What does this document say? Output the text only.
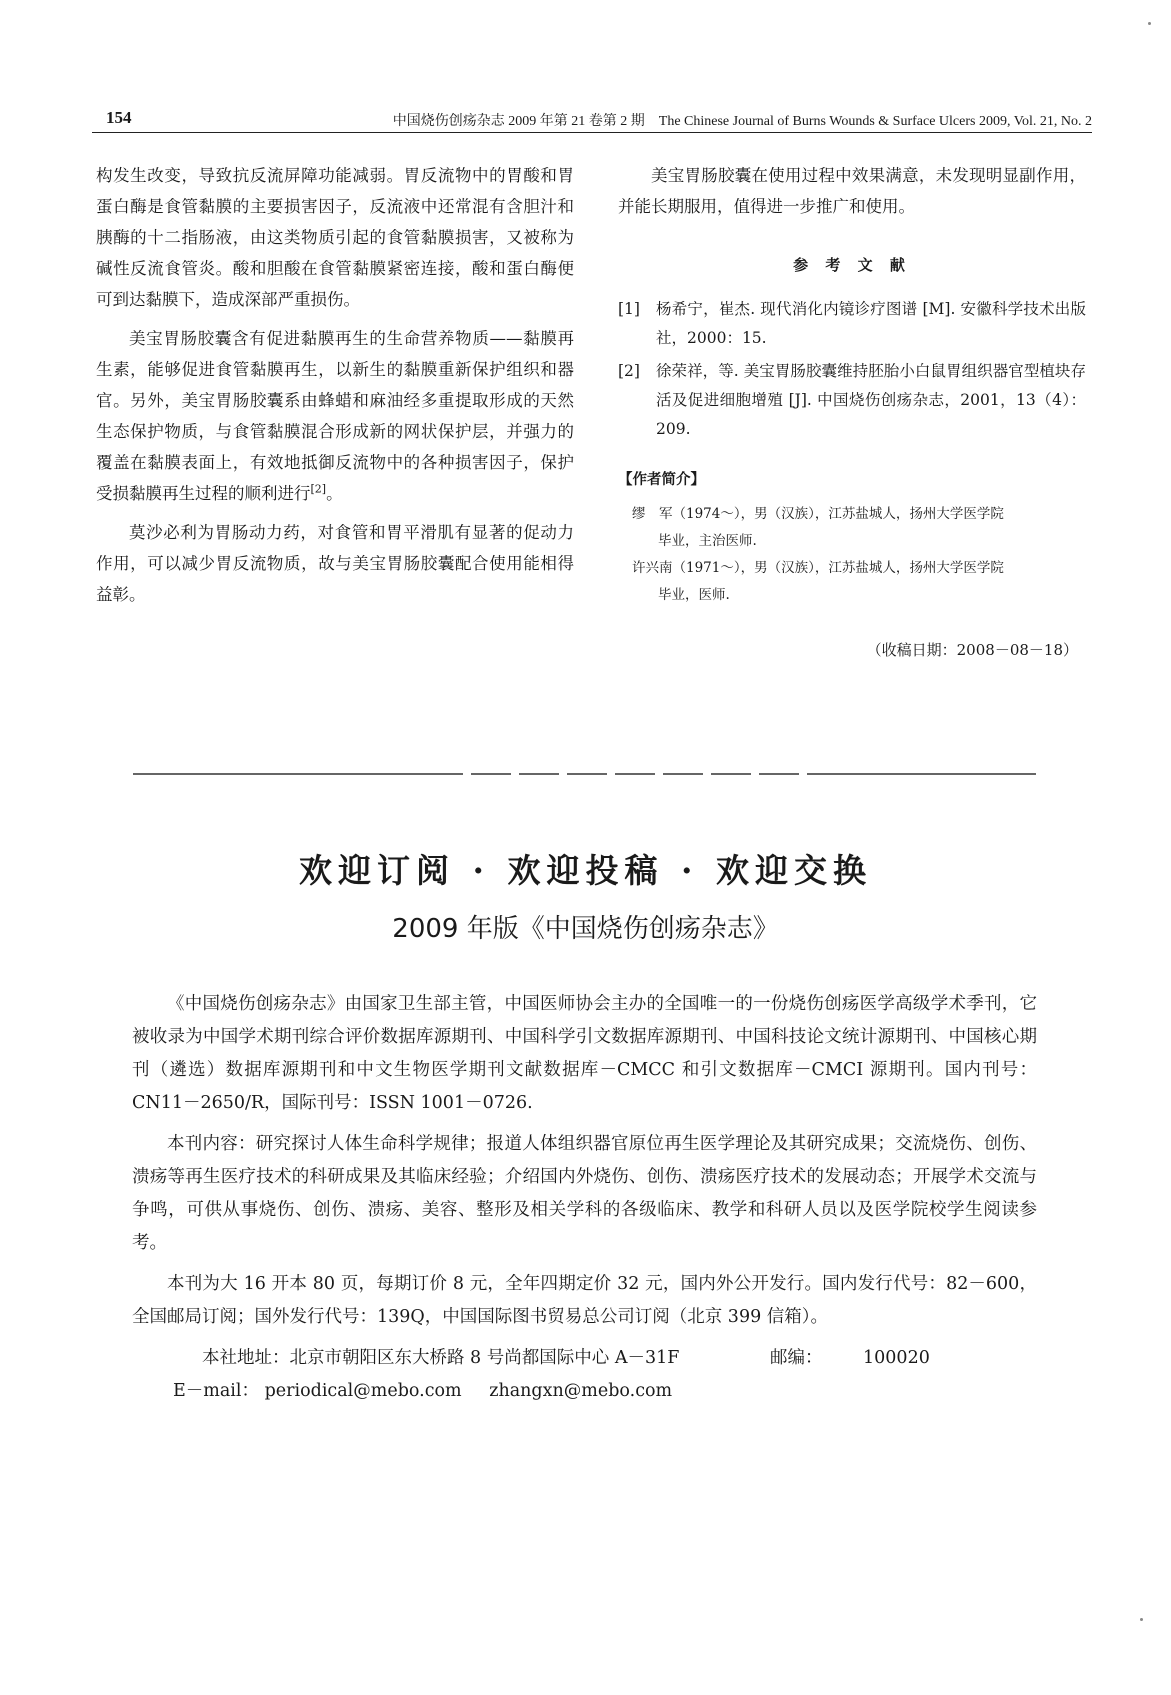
154	中国烧伤创疡杂志 2009 年第 21 卷第 2 期　The Chinese Journal of Burns Wounds & Surface Ulcers 2009, Vol. 21, No. 2

构发生改变，导致抗反流屏障功能减弱。胃反流物中的胃酸和胃蛋白酶是食管黏膜的主要损害因子，反流液中还常混有含胆汁和胰酶的十二指肠液，由这类物质引起的食管黏膜损害，又被称为碱性反流食管炎。酸和胆酸在食管黏膜紧密连接，酸和蛋白酶便可到达黏膜下，造成深部严重损伤。

美宝胃肠胶囊含有促进黏膜再生的生命营养物质——黏膜再生素，能够促进食管黏膜再生，以新生的黏膜重新保护组织和器官。另外，美宝胃肠胶囊系由蜂蜡和麻油经多重提取形成的天然生态保护物质，与食管黏膜混合形成新的网状保护层，并强力的覆盖在黏膜表面上，有效地抵御反流物中的各种损害因子，保护受损黏膜再生过程的顺利进行[2]。

莫沙必利为胃肠动力药，对食管和胃平滑肌有显著的促动力作用，可以减少胃反流物质，故与美宝胃肠胶囊配合使用能相得益彰。

美宝胃肠胶囊在使用过程中效果满意，未发现明显副作用，并能长期服用，值得进一步推广和使用。

参 考 文 献
[1] 杨希宁，崔杰. 现代消化内镜诊疗图谱 [M]. 安徽科学技术出版社，2000：15.
[2] 徐荣祥，等. 美宝胃肠胶囊维持胚胎小白鼠胃组织器官型植块存活及促进细胞增殖 [J]. 中国烧伤创疡杂志，2001，13（4）：209.
【作者简介】
缪　军（1974～），男（汉族），江苏盐城人，扬州大学医学院
毕业，主治医师.
许兴南（1971～），男（汉族），江苏盐城人，扬州大学医学院
毕业，医师.
（收稿日期：2008－08－18）
欢迎订阅 · 欢迎投稿 · 欢迎交换
2009 年版《中国烧伤创疡杂志》

《中国烧伤创疡杂志》由国家卫生部主管，中国医师协会主办的全国唯一的一份烧伤创疡医学高级学术季刊，它被收录为中国学术期刊综合评价数据库源期刊、中国科学引文数据库源期刊、中国科技论文统计源期刊、中国核心期刊（遴选）数据库源期刊和中文生物医学期刊文献数据库－CMCC 和引文数据库－CMCI 源期刊。国内刊号：CN11－2650/R，国际刊号：ISSN 1001－0726.

本刊内容：研究探讨人体生命科学规律；报道人体组织器官原位再生医学理论及其研究成果；交流烧伤、创伤、溃疡等再生医疗技术的科研成果及其临床经验；介绍国内外烧伤、创伤、溃疡医疗技术的发展动态；开展学术交流与争鸣，可供从事烧伤、创伤、溃疡、美容、整形及相关学科的各级临床、教学和科研人员以及医学院校学生阅读参考。

本刊为大 16 开本 80 页，每期订价 8 元，全年四期定价 32 元，国内外公开发行。国内发行代号：82－600，全国邮局订阅；国外发行代号：139Q，中国国际图书贸易总公司订阅（北京 399 信箱）。

本社地址：北京市朝阳区东大桥路 8 号尚都国际中心 A－31F	邮编： 100020
E－mail： periodical@mebo.com zhangxn@mebo.com
